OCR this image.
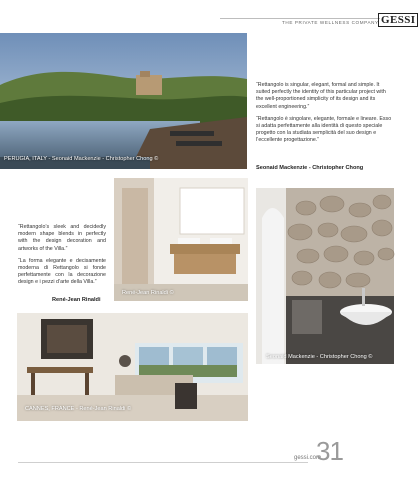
THE PRIVATE WELLNESS COMPANY GESSI
PERUGIA, ITALY - Seonaid Mackenzie - Christopher Chong ©

“Rettangolo is singular, elegant, formal and simple. It suited perfectly the identity of this particular project with the well-proportioned simplicity of its design and its excellent engineering.”

“Rettangolo è singolare, elegante, formale e lineare. Esso si adatta perfettamente alla identità di questo speciale progetto con la studiata semplicità del suo design e l’eccellente progettazione.”

Seonaid Mackenzie - Christopher Chong
René-Jean Rinaldi ©
Seonaid Mackenzie - Christopher Chong ©

“Rettangolo’s sleek and decidedly modern shape blends in perfectly with the design decoration and artworks of the Villa.”

“La forma elegante e decisamente moderna di Rettangolo si fonde perfettamente con la decorazione design e i pezzi d’arte della Villa.”

René-Jean Rinaldi
CANNES, FRANCE - René-Jean Rinaldi ©
gessi.com
31
